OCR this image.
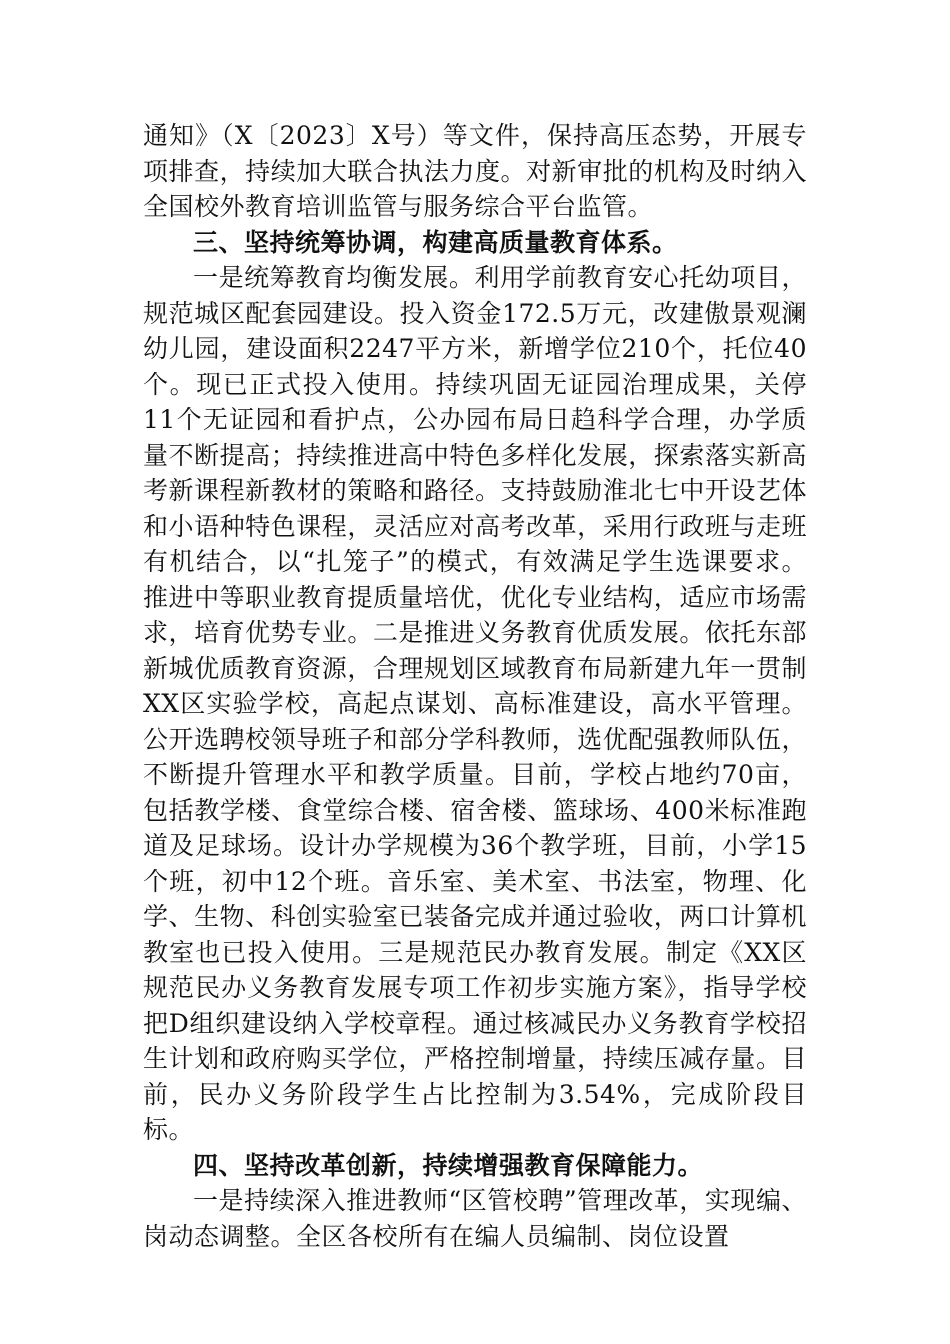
通知》（X〔2023〕X号）等文件，保持高压态势，开展专项排查，持续加大联合执法力度。对新审批的机构及时纳入全国校外教育培训监管与服务综合平台监管。

三、坚持统筹协调，构建高质量教育体系。

一是统筹教育均衡发展。利用学前教育安心托幼项目，规范城区配套园建设。投入资金172.5万元，改建傲景观澜幼儿园，建设面积2247平方米，新增学位210个，托位40个。现已正式投入使用。持续巩固无证园治理成果，关停11个无证园和看护点，公办园布局日趋科学合理，办学质量不断提高；持续推进高中特色多样化发展，探索落实新高考新课程新教材的策略和路径。支持鼓励淮北七中开设艺体和小语种特色课程，灵活应对高考改革，采用行政班与走班有机结合，以“扎笼子”的模式，有效满足学生选课要求。推进中等职业教育提质量培优，优化专业结构，适应市场需求，培育优势专业。二是推进义务教育优质发展。依托东部新城优质教育资源，合理规划区域教育布局新建九年一贯制XX区实验学校，高起点谋划、高标准建设，高水平管理。公开选聘校领导班子和部分学科教师，选优配强教师队伍，不断提升管理水平和教学质量。目前，学校占地约70亩，包括教学楼、食堂综合楼、宿舍楼、篮球场、400米标准跑道及足球场。设计办学规模为36个教学班，目前，小学15个班，初中12个班。音乐室、美术室、书法室，物理、化学、生物、科创实验室已装备完成并通过验收，两口计算机教室也已投入使用。三是规范民办教育发展。制定《XX区规范民办义务教育发展专项工作初步实施方案》，指导学校把D组织建设纳入学校章程。通过核减民办义务教育学校招生计划和政府购买学位，严格控制增量，持续压减存量。目前，民办义务阶段学生占比控制为3.54%，完成阶段目标。

四、坚持改革创新，持续增强教育保障能力。

一是持续深入推进教师“区管校聘”管理改革，实现编、岗动态调整。全区各校所有在编人员编制、岗位设置
